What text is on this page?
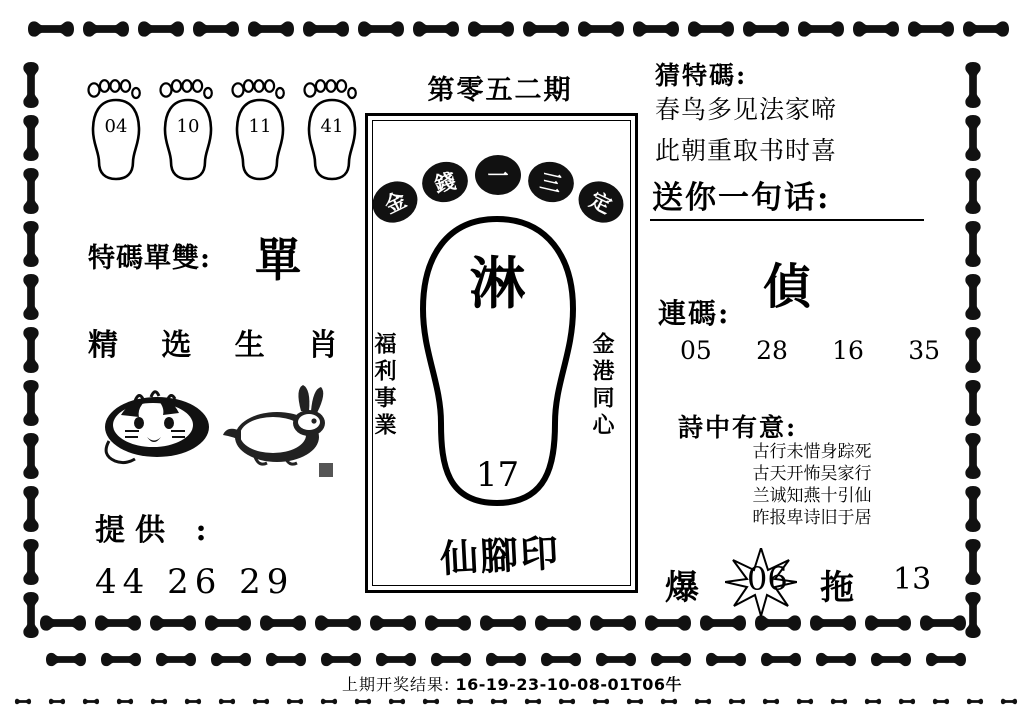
第零五二期
04	10	11	41
特碼單雙: 單
精 选 生 肖
提供 :
44 26 29
金
錢	一	三
定
淋
17
福利事業	金港同心
仙腳印
猜特碼:
春鸟多见法家啼
此朝重取书时喜
送你一句话:
偵
連碼:
05 28 16 35
詩中有意:
古行未惜身踪死
古天开怖吴家行
兰诚知燕十引仙
昨报卑诗旧于居
爆 06 拖 13
上期开奖结果: 16-19-23-10-08-01T06牛
